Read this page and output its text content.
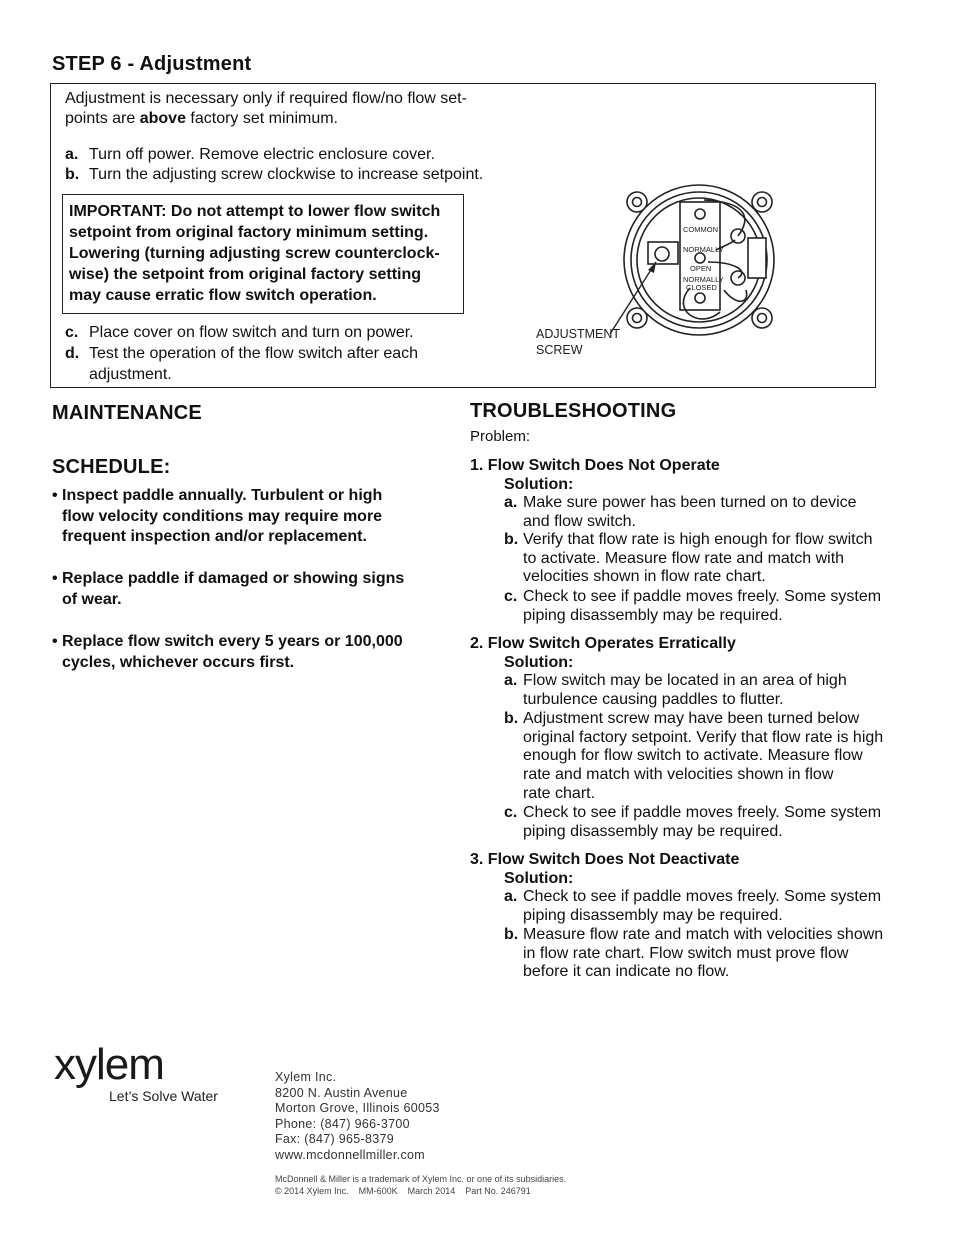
STEP 6 - Adjustment
Adjustment is necessary only if required flow/no flow set-
points are above factory set minimum.
a. Turn off power. Remove electric enclosure cover.
b. Turn the adjusting screw clockwise to increase setpoint.
IMPORTANT: Do not attempt to lower flow switch
setpoint from original factory minimum setting.
Lowering (turning adjusting screw counterclock-
wise) the setpoint from original factory setting
may cause erratic flow switch operation.
c. Place cover on flow switch and turn on power.
d. Test the operation of the flow switch after each
adjustment.
COMMON
NORMALLY
OPEN
NORMALLY
CLOSED
ADJUSTMENT
SCREW
MAINTENANCE
SCHEDULE:
• Inspect paddle annually. Turbulent or high
flow velocity conditions may require more
frequent inspection and/or replacement.
• Replace paddle if damaged or showing signs
of wear.
• Replace flow switch every 5 years or 100,000
cycles, whichever occurs first.
TROUBLESHOOTING
Problem:
1. Flow Switch Does Not Operate
Solution:
a. Make sure power has been turned on to device
and flow switch.
b. Verify that flow rate is high enough for flow switch
to activate. Measure flow rate and match with
velocities shown in flow rate chart.
c. Check to see if paddle moves freely. Some system
piping disassembly may be required.
2. Flow Switch Operates Erratically
Solution:
a. Flow switch may be located in an area of high
turbulence causing paddles to flutter.
b. Adjustment screw may have been turned below
original factory setpoint. Verify that flow rate is high
enough for flow switch to activate. Measure flow
rate and match with velocities shown in flow
rate chart.
c. Check to see if paddle moves freely. Some system
piping disassembly may be required.
3. Flow Switch Does Not Deactivate
Solution:
a. Check to see if paddle moves freely. Some system
piping disassembly may be required.
b. Measure flow rate and match with velocities shown
in flow rate chart. Flow switch must prove flow
before it can indicate no flow.
xylem
Let’s Solve Water
Xylem Inc.
8200 N. Austin Avenue
Morton Grove, Illinois 60053
Phone: (847) 966-3700
Fax: (847) 965-8379
www.mcdonnellmiller.com
McDonnell & Miller is a trademark of Xylem Inc. or one of its subsidiaries.
© 2014 Xylem Inc.    MM-600K    March 2014    Part No. 246791
